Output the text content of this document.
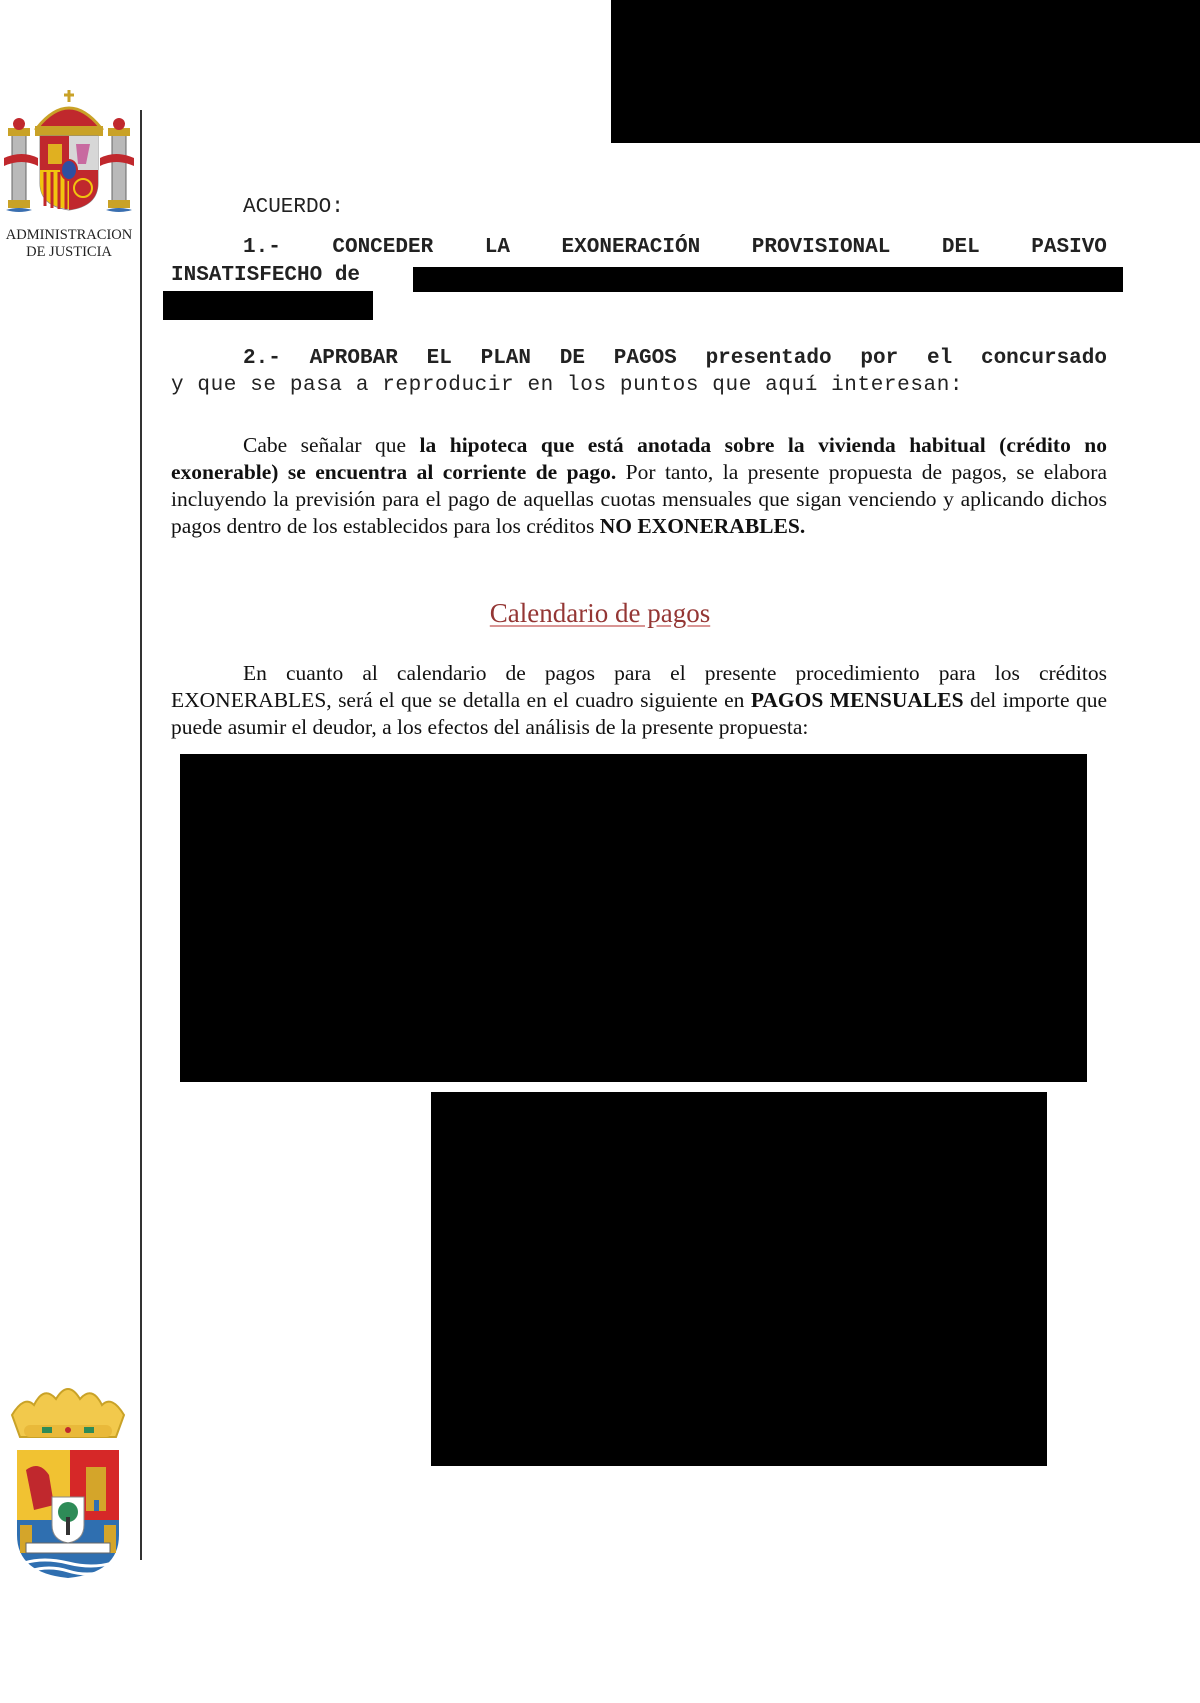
ADMINISTRACION
DE JUSTICIA
ACUERDO:
1.- CONCEDER LA EXONERACIÓN PROVISIONAL DEL PASIVO
INSATISFECHO de
2.- APROBAR EL PLAN DE PAGOS presentado por el concursado
y que se pasa a reproducir en los puntos que aquí interesan:

Cabe señalar que la hipoteca que está anotada sobre la vivienda habitual (crédito no exonerable) se encuentra al corriente de pago. Por tanto, la presente propuesta de pagos, se elabora incluyendo la previsión para el pago de aquellas cuotas mensuales que sigan venciendo y aplicando dichos pagos dentro de los establecidos para los créditos NO EXONERABLES.

Calendario de pagos

En cuanto al calendario de pagos para el presente procedimiento para los créditos EXONERABLES, será el que se detalla en el cuadro siguiente en PAGOS MENSUALES del importe que puede asumir el deudor, a los efectos del análisis de la presente propuesta:
